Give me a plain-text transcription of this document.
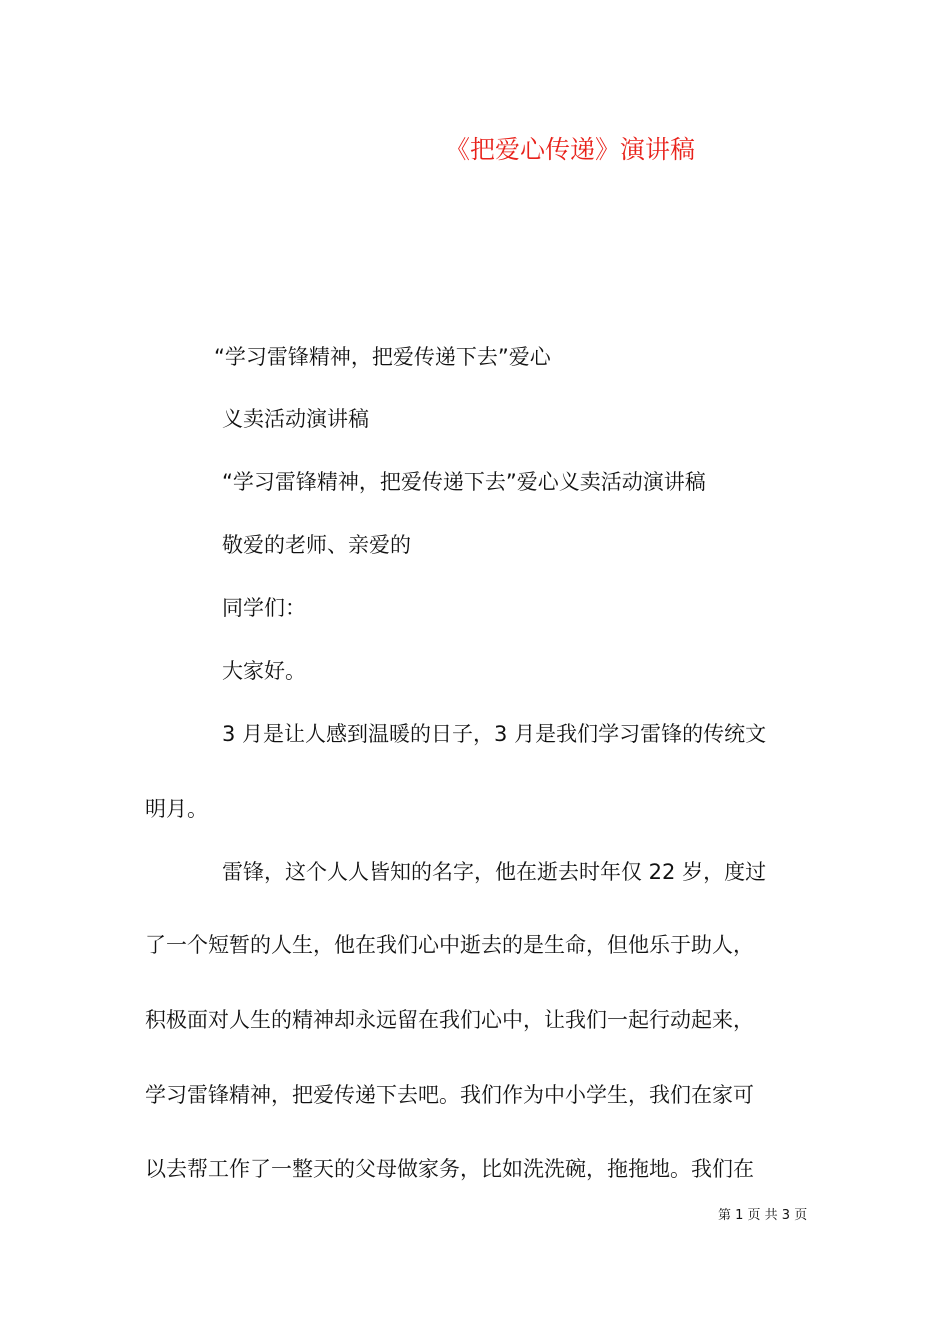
《把爱心传递》演讲稿
“学习雷锋精神，把爱传递下去”爱心
义卖活动演讲稿
“学习雷锋精神，把爱传递下去”爱心义卖活动演讲稿
敬爱的老师、亲爱的
同学们：
大家好。
3 月是让人感到温暖的日子，3 月是我们学习雷锋的传统文
明月。
雷锋，这个人人皆知的名字，他在逝去时年仅 22 岁，度过
了一个短暂的人生，他在我们心中逝去的是生命，但他乐于助人，
积极面对人生的精神却永远留在我们心中，让我们一起行动起来，
学习雷锋精神，把爱传递下去吧。我们作为中小学生，我们在家可
以去帮工作了一整天的父母做家务，比如洗洗碗，拖拖地。我们在
第 1 页 共 3 页
